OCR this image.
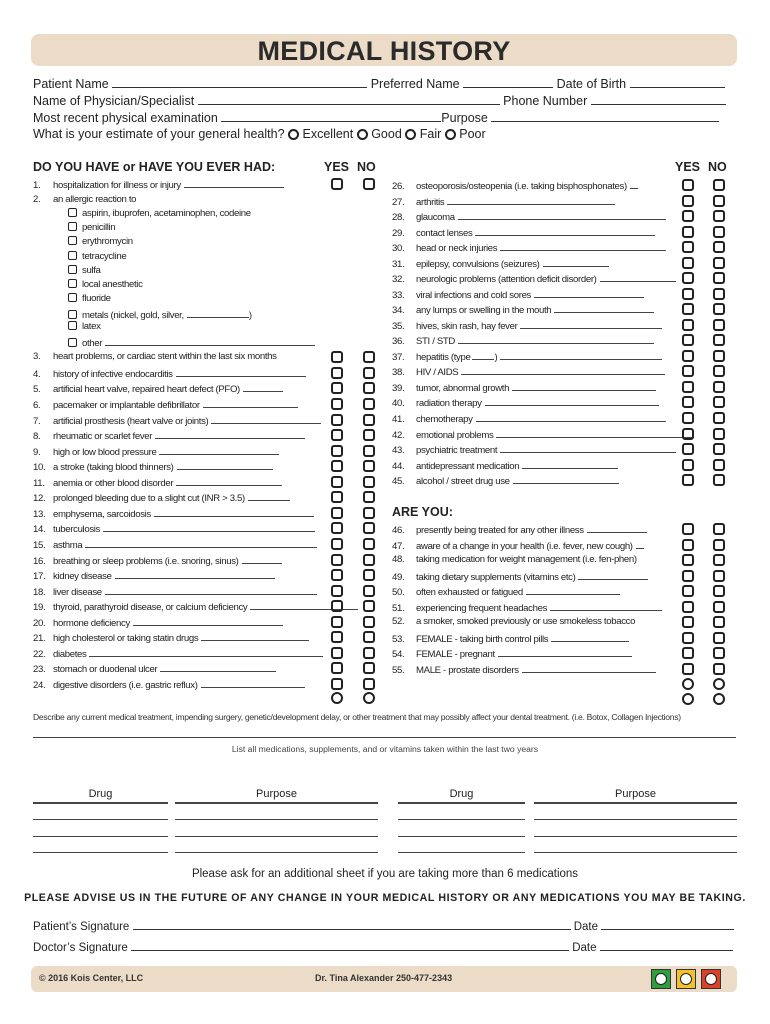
MEDICAL HISTORY
Patient Name	Preferred Name	Date of Birth
Name of Physician/Specialist	Phone Number
Most recent physical examination	Purpose
What is your estimate of your general health? Excellent Good Fair Poor
DO YOU HAVE or HAVE YOU EVER HAD:	YES NO	YES NO
ARE YOU:
Describe any current medical treatment, impending surgery, genetic/development delay, or other treatment that may possibly affect your dental treatment. (i.e. Botox, Collagen Injections)
List all medications, supplements, and or vitamins taken within the last two years
Drug	Purpose	Drug	Purpose
Please ask for an additional sheet if you are taking more than 6 medications
PLEASE ADVISE US IN THE FUTURE OF ANY CHANGE IN YOUR MEDICAL HISTORY OR ANY MEDICATIONS YOU MAY BE TAKING.
Patient’s Signature	Date
Doctor’s Signature	Date
© 2016 Kois Center, LLC	Dr. Tina Alexander 250-477-2343
1. hospitalization for illness or injury
2. an allergic reaction to
3. heart problems, or cardiac stent within the last six months
4. history of infective endocarditis
5. artificial heart valve, repaired heart defect (PFO)
6. pacemaker or implantable defibrillator
7. artificial prosthesis (heart valve or joints)
8. rheumatic or scarlet fever
9. high or low blood pressure
10. a stroke (taking blood thinners)
11. anemia or other blood disorder
12. prolonged bleeding due to a slight cut (INR > 3.5)
13. emphysema, sarcoidosis
14. tuberculosis
15. asthma
16. breathing or sleep problems (i.e. snoring, sinus)
17. kidney disease
18. liver disease
19. thyroid, parathyroid disease, or calcium deficiency
20. hormone deficiency
21. high cholesterol or taking statin drugs
22. diabetes
23. stomach or duodenal ulcer
24. digestive disorders (i.e. gastric reflux)
aspirin, ibuprofen, acetaminophen, codeine
penicillin
erythromycin
tetracycline
sulfa
local anesthetic
fluoride
metals (nickel, gold, silver,	)
latex
other
26. osteoporosis/osteopenia (i.e. taking bisphosphonates)
27. arthritis
28. glaucoma
29. contact lenses
30. head or neck injuries
31. epilepsy, convulsions (seizures)
32. neurologic problems (attention deficit disorder)
33. viral infections and cold sores
34. any lumps or swelling in the mouth
35. hives, skin rash, hay fever
36. STI / STD
37. hepatitis (type	)
38. HIV / AIDS
39. tumor, abnormal growth
40. radiation therapy
41. chemotherapy
42. emotional problems
43. psychiatric treatment
44. antidepressant medication
45. alcohol / street drug use
46. presently being treated for any other illness
47. aware of a change in your health (i.e. fever, new cough)
48. taking medication for weight management (i.e. fen-phen)
49. taking dietary supplements (vitamins etc)
50. often exhausted or fatigued
51. experiencing frequent headaches
52. a smoker, smoked previously or use smokeless tobacco
53. FEMALE - taking birth control pills
54. FEMALE - pregnant
55. MALE - prostate disorders
